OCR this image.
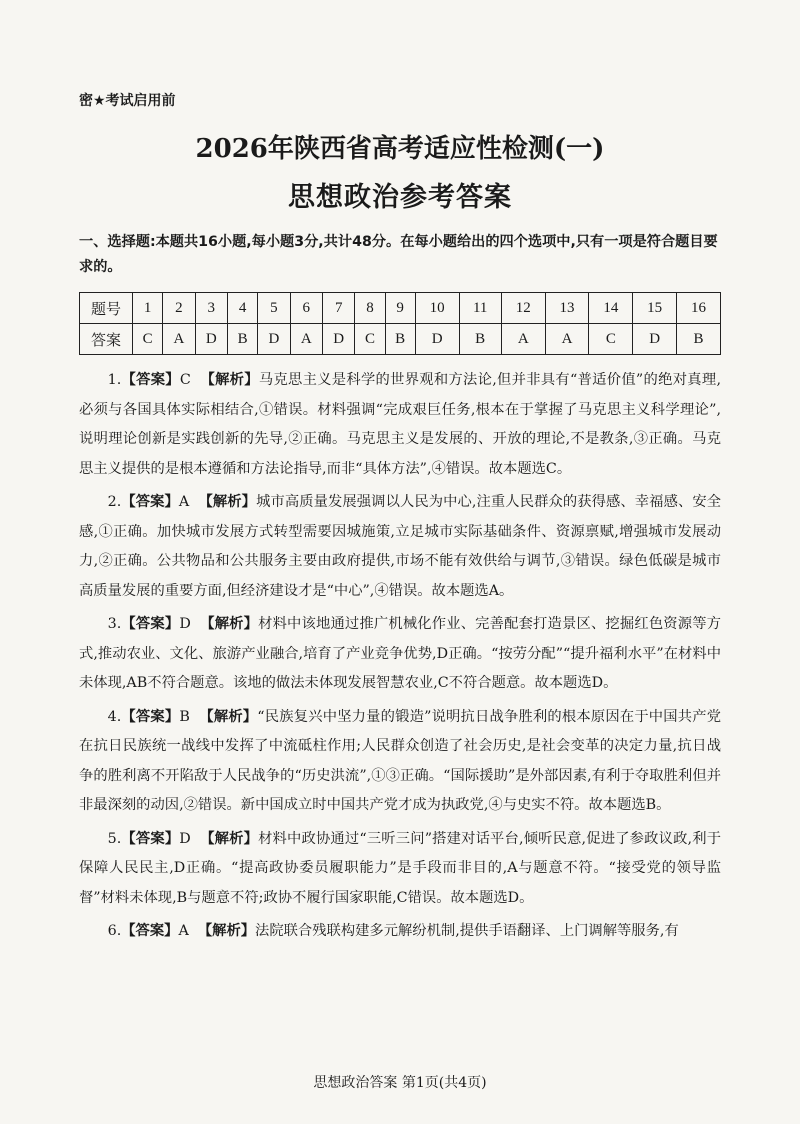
密★考试启用前
2026年陕西省高考适应性检测(一)
思想政治参考答案
一、选择题:本题共16小题,每小题3分,共计48分。在每小题给出的四个选项中,只有一项是符合题目要求的。
题号	1	2	3	4	5	6	7	8	9	10	11	12	13	14	15	16
答案	C	A	D	B	D	A	D	C	B	D	B	A	A	C	D	B

1.【答案】C 【解析】马克思主义是科学的世界观和方法论,但并非具有“普适价值”的绝对真理,必须与各国具体实际相结合,①错误。材料强调“完成艰巨任务,根本在于掌握了马克思主义科学理论”,说明理论创新是实践创新的先导,②正确。马克思主义是发展的、开放的理论,不是教条,③正确。马克思主义提供的是根本遵循和方法论指导,而非“具体方法”,④错误。故本题选C。

2.【答案】A 【解析】城市高质量发展强调以人民为中心,注重人民群众的获得感、幸福感、安全感,①正确。加快城市发展方式转型需要因城施策,立足城市实际基础条件、资源禀赋,增强城市发展动力,②正确。公共物品和公共服务主要由政府提供,市场不能有效供给与调节,③错误。绿色低碳是城市高质量发展的重要方面,但经济建设才是“中心”,④错误。故本题选A。

3.【答案】D 【解析】材料中该地通过推广机械化作业、完善配套打造景区、挖掘红色资源等方式,推动农业、文化、旅游产业融合,培育了产业竞争优势,D正确。“按劳分配”“提升福利水平”在材料中未体现,AB不符合题意。该地的做法未体现发展智慧农业,C不符合题意。故本题选D。

4.【答案】B 【解析】“民族复兴中坚力量的锻造”说明抗日战争胜利的根本原因在于中国共产党在抗日民族统一战线中发挥了中流砥柱作用;人民群众创造了社会历史,是社会变革的决定力量,抗日战争的胜利离不开陷敌于人民战争的“历史洪流”,①③正确。“国际援助”是外部因素,有利于夺取胜利但并非最深刻的动因,②错误。新中国成立时中国共产党才成为执政党,④与史实不符。故本题选B。

5.【答案】D 【解析】材料中政协通过“三听三问”搭建对话平台,倾听民意,促进了参政议政,利于保障人民民主,D正确。“提高政协委员履职能力”是手段而非目的,A与题意不符。“接受党的领导监督”材料未体现,B与题意不符;政协不履行国家职能,C错误。故本题选D。

6.【答案】A 【解析】法院联合残联构建多元解纷机制,提供手语翻译、上门调解等服务,有

思想政治答案 第1页(共4页)
